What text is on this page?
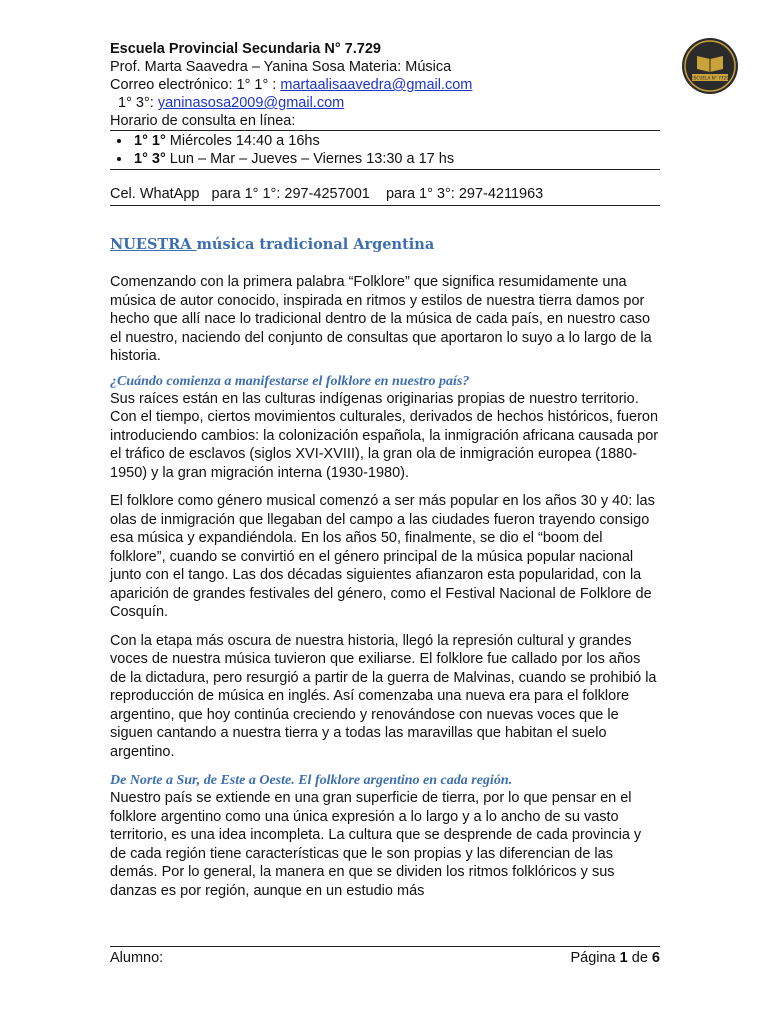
Escuela Provincial Secundaria N° 7.729
Prof. Marta Saavedra – Yanina Sosa Materia: Música
Correo electrónico: 1° 1° : martaalisaavedra@gmail.com
1° 3°: yaninasosa2009@gmail.com
Horario de consulta en línea:
• 1° 1° Miércoles 14:40 a 16hs
• 1° 3° Lun – Mar – Jueves – Viernes 13:30 a 17 hs
Cel. WhatApp   para 1° 1°: 297-4257001    para 1° 3°: 297-4211963
NUESTRA música tradicional Argentina

Comenzando con la primera palabra “Folklore” que significa resumidamente una música de autor conocido, inspirada en ritmos y estilos de nuestra tierra damos por hecho que allí nace lo tradicional dentro de la música de cada país, en nuestro caso el nuestro, naciendo del conjunto de consultas que aportaron lo suyo a lo largo de la historia.

¿Cuándo comienza a manifestarse el folklore en nuestro país?

Sus raíces están en las culturas indígenas originarias propias de nuestro territorio. Con el tiempo, ciertos movimientos culturales, derivados de hechos históricos, fueron introduciendo cambios: la colonización española, la inmigración africana causada por el tráfico de esclavos (siglos XVI-XVIII), la gran ola de inmigración europea (1880-1950) y la gran migración interna (1930-1980).

El folklore como género musical comenzó a ser más popular en los años 30 y 40: las olas de inmigración que llegaban del campo a las ciudades fueron trayendo consigo esa música y expandiéndola. En los años 50, finalmente, se dio el “boom del folklore”, cuando se convirtió en el género principal de la música popular nacional junto con el tango. Las dos décadas siguientes afianzaron esta popularidad, con la aparición de grandes festivales del género, como el Festival Nacional de Folklore de Cosquín.

Con la etapa más oscura de nuestra historia, llegó la represión cultural y grandes voces de nuestra música tuvieron que exiliarse. El folklore fue callado por los años de la dictadura, pero resurgió a partir de la guerra de Malvinas, cuando se prohibió la reproducción de música en inglés. Así comenzaba una nueva era para el folklore argentino, que hoy continúa creciendo y renovándose con nuevas voces que le siguen cantando a nuestra tierra y a todas las maravillas que habitan el suelo argentino.

De Norte a Sur, de Este a Oeste. El folklore argentino en cada región.

Nuestro país se extiende en una gran superficie de tierra, por lo que pensar en el folklore argentino como una única expresión a lo largo y a lo ancho de su vasto territorio, es una idea incompleta. La cultura que se desprende de cada provincia y de cada región tiene características que le son propias y las diferencian de las demás. Por lo general, la manera en que se dividen los ritmos folklóricos y sus danzas es por región, aunque en un estudio más

ESCUELA N° 7729
Alumno:	Página 1 de 6
